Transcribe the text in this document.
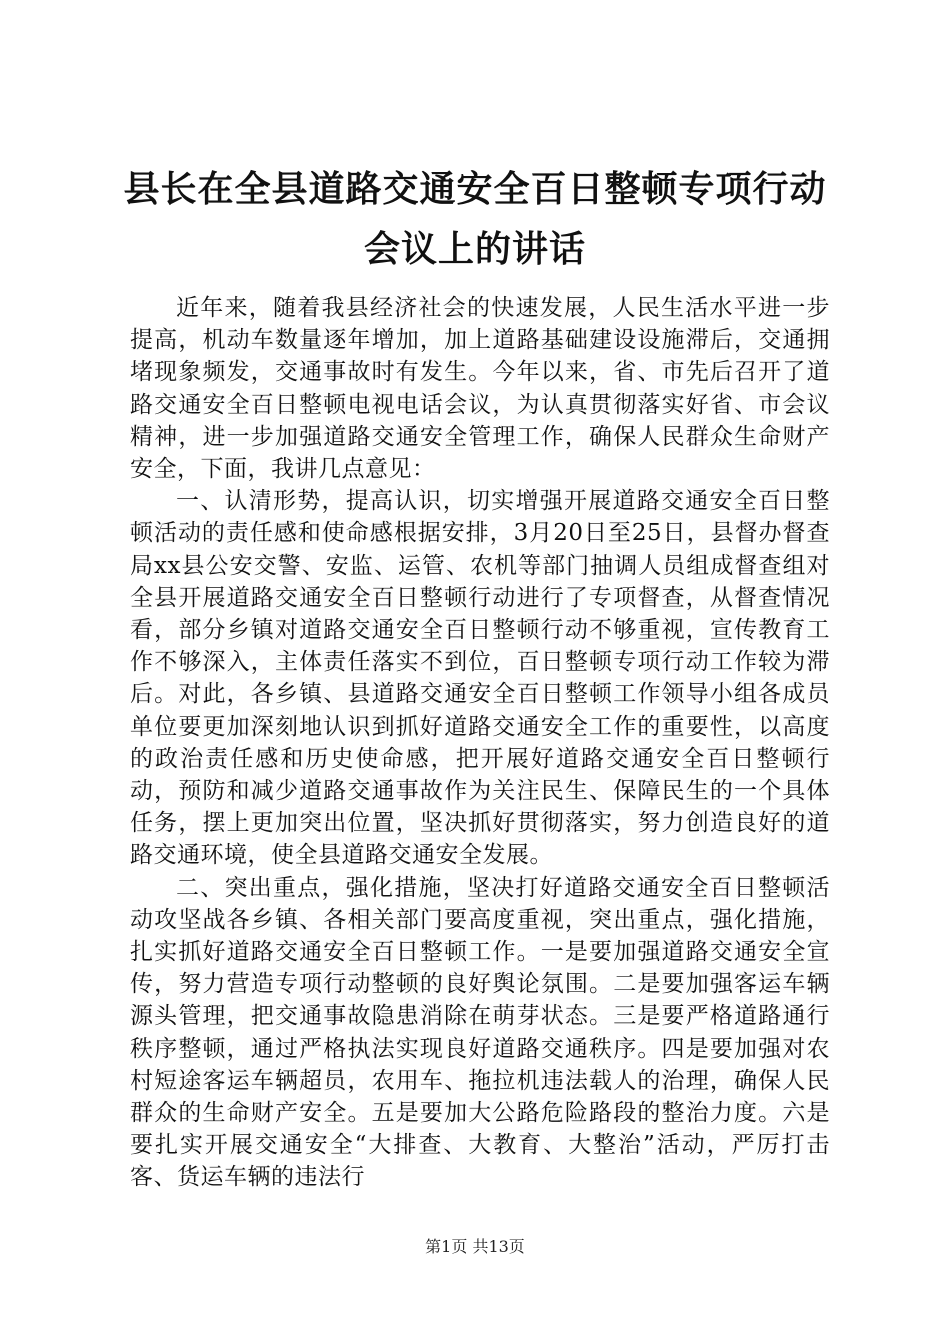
县长在全县道路交通安全百日整顿专项行动会议上的讲话

近年来，随着我县经济社会的快速发展，人民生活水平进一步提高，机动车数量逐年增加，加上道路基础建设设施滞后，交通拥堵现象频发，交通事故时有发生。今年以来，省、市先后召开了道路交通安全百日整顿电视电话会议，为认真贯彻落实好省、市会议精神，进一步加强道路交通安全管理工作，确保人民群众生命财产安全，下面，我讲几点意见：

一、认清形势，提高认识，切实增强开展道路交通安全百日整顿活动的责任感和使命感根据安排，3月20日至25日，县督办督查局xx县公安交警、安监、运管、农机等部门抽调人员组成督查组对全县开展道路交通安全百日整顿行动进行了专项督查，从督查情况看，部分乡镇对道路交通安全百日整顿行动不够重视，宣传教育工作不够深入，主体责任落实不到位，百日整顿专项行动工作较为滞后。对此，各乡镇、县道路交通安全百日整顿工作领导小组各成员单位要更加深刻地认识到抓好道路交通安全工作的重要性，以高度的政治责任感和历史使命感，把开展好道路交通安全百日整顿行动，预防和减少道路交通事故作为关注民生、保障民生的一个具体任务，摆上更加突出位置，坚决抓好贯彻落实，努力创造良好的道路交通环境，使全县道路交通安全发展。

二、突出重点，强化措施，坚决打好道路交通安全百日整顿活动攻坚战各乡镇、各相关部门要高度重视，突出重点，强化措施，扎实抓好道路交通安全百日整顿工作。一是要加强道路交通安全宣传，努力营造专项行动整顿的良好舆论氛围。二是要加强客运车辆源头管理，把交通事故隐患消除在萌芽状态。三是要严格道路通行秩序整顿，通过严格执法实现良好道路交通秩序。四是要加强对农村短途客运车辆超员，农用车、拖拉机违法载人的治理，确保人民群众的生命财产安全。五是要加大公路危险路段的整治力度。六是要扎实开展交通安全“大排查、大教育、大整治”活动，严厉打击客、货运车辆的违法行

第1页 共13页
